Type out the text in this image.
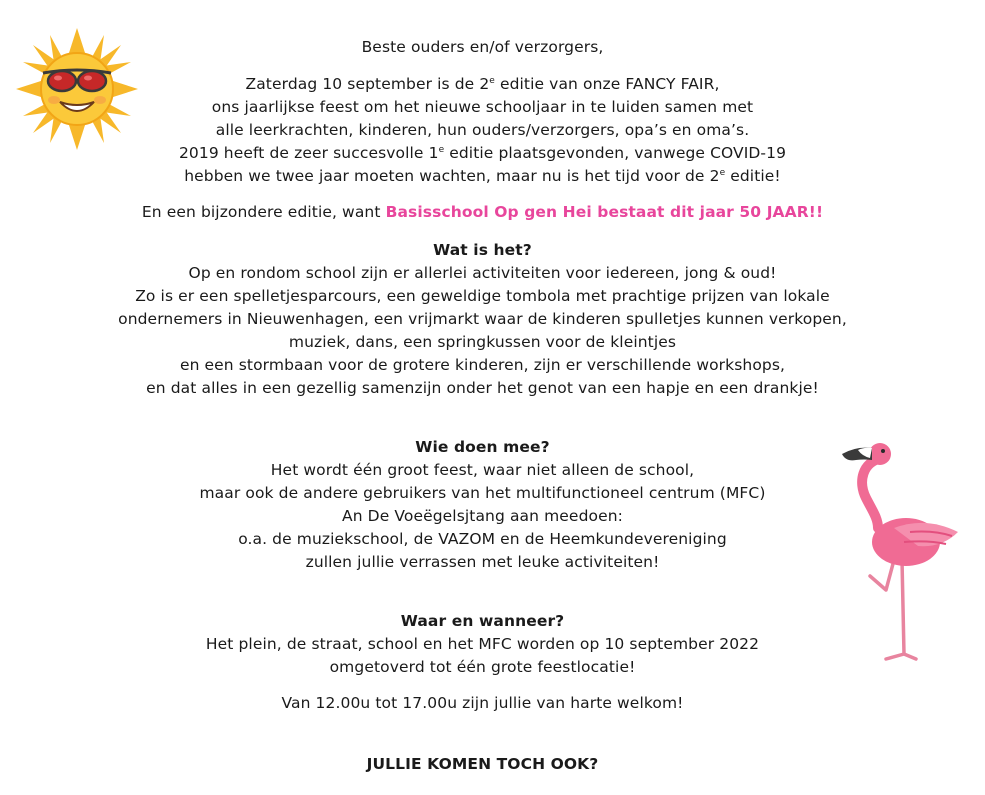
Beste ouders en/of verzorgers,
Zaterdag 10 september is de 2e editie van onze FANCY FAIR,
ons jaarlijkse feest om het nieuwe schooljaar in te luiden samen met
alle leerkrachten, kinderen, hun ouders/verzorgers, opa’s en oma’s.
2019 heeft de zeer succesvolle 1e editie plaatsgevonden, vanwege COVID-19
hebben we twee jaar moeten wachten, maar nu is het tijd voor de 2e editie!
En een bijzondere editie, want Basisschool Op gen Hei bestaat dit jaar 50 JAAR!!
Wat is het?
Op en rondom school zijn er allerlei activiteiten voor iedereen, jong & oud!
Zo is er een spelletjesparcours, een geweldige tombola met prachtige prijzen van lokale
ondernemers in Nieuwenhagen, een vrijmarkt waar de kinderen spulletjes kunnen verkopen,
muziek, dans, een springkussen voor de kleintjes
en een stormbaan voor de grotere kinderen, zijn er verschillende workshops,
en dat alles in een gezellig samenzijn onder het genot van een hapje en een drankje!
Wie doen mee?
Het wordt één groot feest, waar niet alleen de school,
maar ook de andere gebruikers van het multifunctioneel centrum (MFC)
An De Voeëgelsjtang aan meedoen:
o.a. de muziekschool, de VAZOM en de Heemkundevereniging
zullen jullie verrassen met leuke activiteiten!
Waar en wanneer?
Het plein, de straat, school en het MFC worden op 10 september 2022
omgetoverd tot één grote feestlocatie!
Van 12.00u tot 17.00u zijn jullie van harte welkom!
JULLIE KOMEN TOCH OOK?
